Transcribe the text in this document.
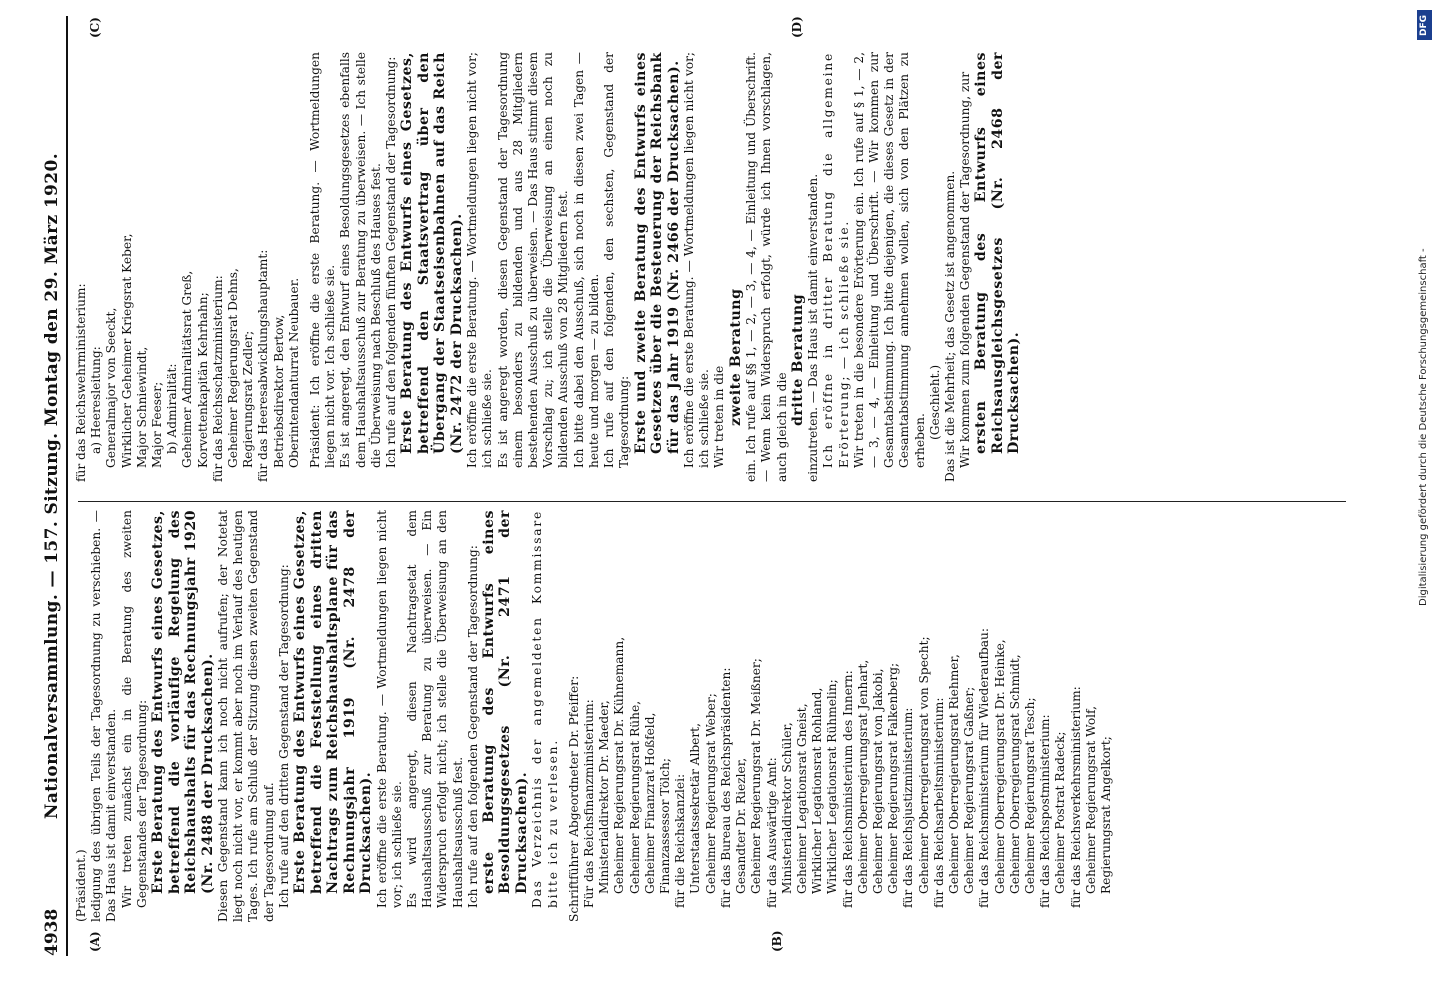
4938
Nationalversammlung. — 157. Sitzung. Montag den 29. März 1920.
(A)	(B)
(C)	(D)

(Präsident.) ledigung des übrigen Teils der Tagesordnung zu verschieben. — Das Haus ist damit einverstanden. Wir treten zunächst ein in die Beratung des zweiten Gegenstandes der Tagesordnung: Erste Beratung des Entwurfs eines Gesetzes, betreffend die vorläufige Regelung des Reichshaushalts für das Rechnungsjahr 1920 (Nr. 2488 der Drucksachen). Diesen Gegenstand kann ich noch nicht aufrufen; der Notetat liegt noch nicht vor, er kommt aber noch im Verlauf des heutigen Tages. Ich rufe am Schluß der Sitzung diesen zweiten Gegenstand der Tagesordnung auf. Ich rufe auf den dritten Gegenstand der Tagesordnung: Erste Beratung des Entwurfs eines Gesetzes, betreffend die Feststellung eines dritten Nachtrags zum Reichshaushaltsplane für das Rechnungsjahr 1919 (Nr. 2478 der Drucksachen). Ich eröffne die erste Beratung. — Wortmeldungen liegen nicht vor; ich schließe sie. Es wird angeregt, diesen Nachtragsetat dem Haushaltsausschuß zur Beratung zu überweisen. — Ein Widerspruch erfolgt nicht; ich stelle die Überweisung an den Haushaltsausschuß fest. Ich rufe auf den folgenden Gegenstand der Tagesordnung: erste Beratung des Entwurfs eines Besoldungsgesetzes (Nr. 2471 der Drucksachen). Das Verzeichnis der angemeldeten Kommissare bitte ich zu verlesen. Schriftführer Abgeordneter Dr. Pfeiffer: Für das Reichsfinanzministerium: Ministerialdirektor Dr. Maeder, Geheimer Regierungsrat Dr. Kühnemann, Geheimer Regierungsrat Rühe, Geheimer Finanzrat Hoßfeld, Finanzassessor Tölch; für die Reichskanzlei: Unterstaatssekretär Albert, Geheimer Regierungsrat Weber; für das Bureau des Reichspräsidenten: Gesandter Dr. Riezler, Geheimer Regierungsrat Dr. Meißner; für das Auswärtige Amt: Ministerialdirektor Schüler, Geheimer Legationsrat Gneist, Wirklicher Legationsrat Rohland, Wirklicher Legationsrat Rühmelin; für das Reichsministerium des Innern: Geheimer Oberregierungsrat Jenhart, Geheimer Regierungsrat von Jakobi, Geheimer Regierungsrat Falkenberg; für das Reichsjustizministerium: Geheimer Oberregierungsrat von Specht; für das Reichsarbeitsministerium: Geheimer Oberregierungsrat Riehmer, Geheimer Regierungsrat Gaßner; für das Reichsministerium für Wiederaufbau: Geheimer Oberregierungsrat Dr. Heinke, Geheimer Oberregierungsrat Schmidt, Geheimer Regierungsrat Tesch; für das Reichspostministerium: Geheimer Postrat Radeck; für das Reichsverkehrsministerium: Geheimer Regierungsrat Wolf, Regierungsrat Angelkort;

für das Reichswehrministerium: a) Heeresleitung: Generalmajor von Seeckt, Wirklicher Geheimer Kriegsrat Keber, Major Schniewindt, Major Feeser; b) Admiralität: Geheimer Admiralitätsrat Greß, Korvettenkapitän Kehrhahn; für das Reichsschatzministerium: Geheimer Regierungsrat Dehns, Regierungsrat Zedler; für das Heeresabwicklungshauptamt: Betriebsdirektor Bertow, Oberintendanturrat Neubauer. Präsident: Ich eröffne die erste Beratung. — Wortmeldungen liegen nicht vor. Ich schließe sie. Es ist angeregt, den Entwurf eines Besoldungsgesetzes ebenfalls dem Haushaltsausschuß zur Beratung zu überweisen. — Ich stelle die Überweisung nach Beschluß des Hauses fest. Ich rufe auf den folgenden fünften Gegenstand der Tagesordnung: Erste Beratung des Entwurfs eines Gesetzes, betreffend den Staatsvertrag über den Übergang der Staatseisenbahnen auf das Reich (Nr. 2472 der Drucksachen). Ich eröffne die erste Beratung. — Wortmeldungen liegen nicht vor; ich schließe sie. Es ist angeregt worden, diesen Gegenstand der Tagesordnung einem besonders zu bildenden und aus 28 Mitgliedern bestehenden Ausschuß zu überweisen. — Das Haus stimmt diesem Vorschlag zu; ich stelle die Überweisung an einen noch zu bildenden Ausschuß von 28 Mitgliedern fest. Ich bitte dabei den Ausschuß, sich noch in diesen zwei Tagen — heute und morgen — zu bilden. Ich rufe auf den folgenden, den sechsten, Gegenstand der Tagesordnung: Erste und zweite Beratung des Entwurfs eines Gesetzes über die Besteuerung der Reichsbank für das Jahr 1919 (Nr. 2466 der Drucksachen). Ich eröffne die erste Beratung. — Wortmeldungen liegen nicht vor; ich schließe sie. Wir treten in die zweite Beratung ein. Ich rufe auf §§ 1, — 2, — 3, — 4, — Einleitung und Überschrift. — Wenn kein Widerspruch erfolgt, würde ich Ihnen vorschlagen, auch gleich in die

dritte Beratung einzutreten. — Das Haus ist damit einverstanden. Ich eröffne in dritter Beratung die allgemeine Erörterung; — ich schließe sie. Wir treten in die besondere Erörterung ein. Ich rufe auf § 1, — 2, — 3, — 4, — Einleitung und Überschrift. — Wir kommen zur Gesamtabstimmung. Ich bitte diejenigen, die dieses Gesetz in der Gesamtabstimmung annehmen wollen, sich von den Plätzen zu erheben.

(Geschieht.) Das ist die Mehrheit; das Gesetz ist angenommen. Wir kommen zum folgenden Gegenstand der Tagesordnung, zur ersten Beratung des Entwurfs eines Reichsausgleichsgesetzes (Nr. 2468 der Drucksachen).

DFG
Digitalisierung gefördert durch die Deutsche Forschungsgemeinschaft -
